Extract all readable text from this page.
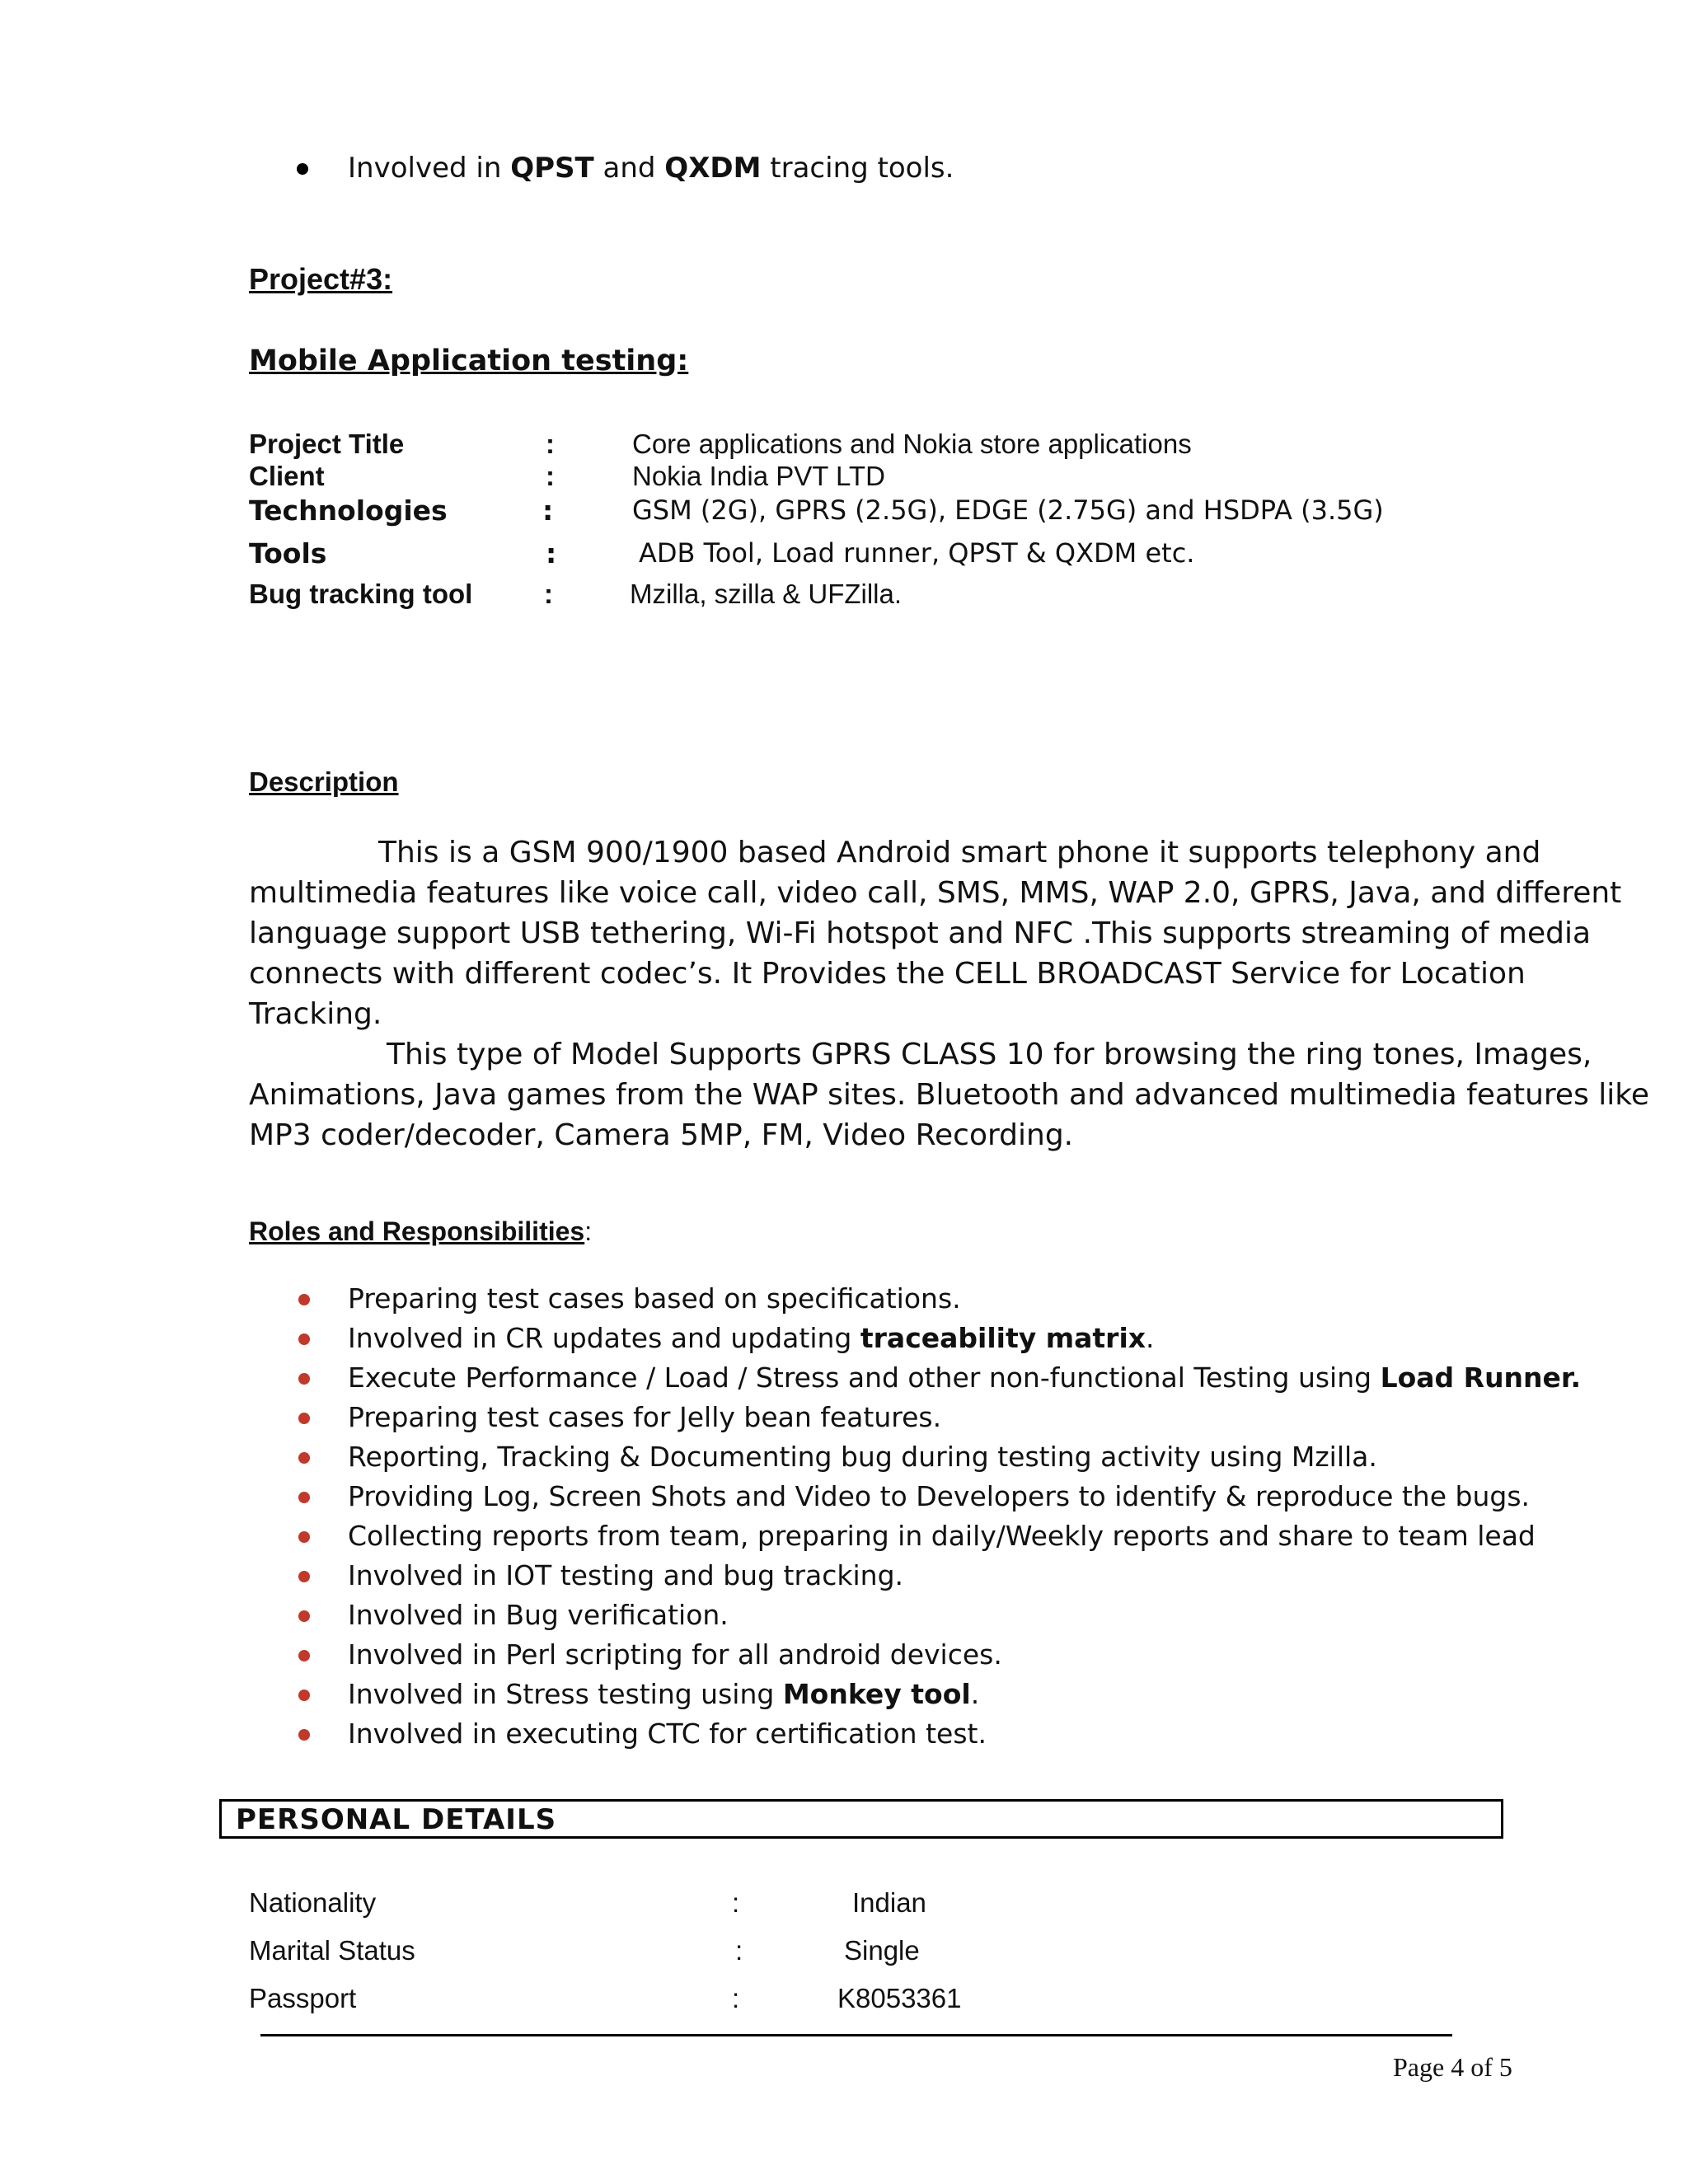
Involved in QPST and QXDM tracing tools.
Project#3:
Mobile Application testing:
Project Title	:	Core applications and Nokia store applications
Client	:	Nokia India PVT LTD
Technologies	:	GSM (2G), GPRS (2.5G), EDGE (2.75G) and HSDPA (3.5G)
Tools	:	ADB Tool, Load runner, QPST & QXDM etc.
Bug tracking tool	:	Mzilla, szilla & UFZilla.
Description
This is a GSM 900/1900 based Android smart phone it supports telephony and
multimedia features like voice call, video call, SMS, MMS, WAP 2.0, GPRS, Java, and different
language support USB tethering, Wi-Fi hotspot and NFC .This supports streaming of media
connects with different codec’s. It Provides the CELL BROADCAST Service for Location
Tracking.
This type of Model Supports GPRS CLASS 10 for browsing the ring tones, Images,
Animations, Java games from the WAP sites. Bluetooth and advanced multimedia features like
MP3 coder/decoder, Camera 5MP, FM, Video Recording.
Roles and Responsibilities:
Preparing test cases based on specifications.
Involved in CR updates and updating traceability matrix.
Execute Performance / Load / Stress and other non-functional Testing using Load Runner.
Preparing test cases for Jelly bean features.
Reporting, Tracking & Documenting bug during testing activity using Mzilla.
Providing Log, Screen Shots and Video to Developers to identify & reproduce the bugs.
Collecting reports from team, preparing in daily/Weekly reports and share to team lead
Involved in IOT testing and bug tracking.
Involved in Bug verification.
Involved in Perl scripting for all android devices.
Involved in Stress testing using Monkey tool.
Involved in executing CTC for certification test.
PERSONAL DETAILS
Nationality	:	Indian
Marital Status	:	Single
Passport	:	K8053361
Page 4 of 5
